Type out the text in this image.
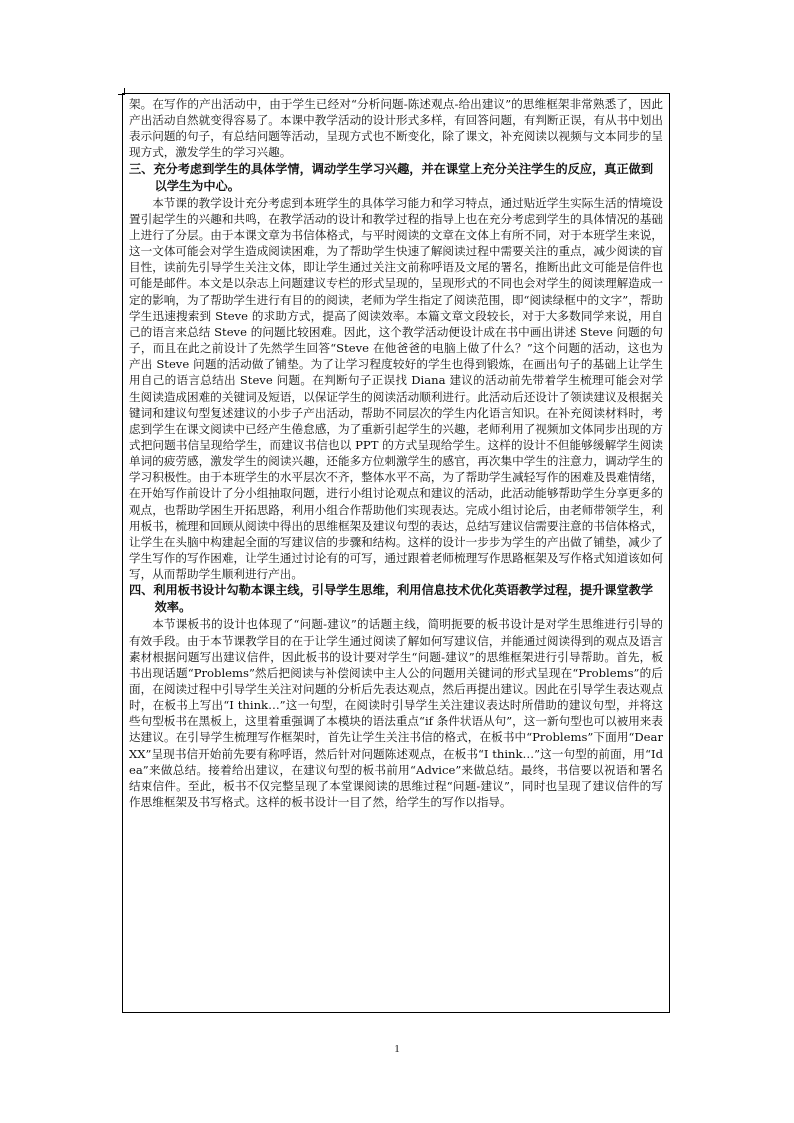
架。在写作的产出活动中，由于学生已经对“分析问题-陈述观点-给出建议”的思维框架非常熟悉了，因此产出活动自然就变得容易了。本课中教学活动的设计形式多样，有回答问题，有判断正误，有从书中划出表示问题的句子，有总结问题等活动，呈现方式也不断变化，除了课文，补充阅读以视频与文本同步的呈现方式，激发学生的学习兴趣。

三、充分考虑到学生的具体学情，调动学生学习兴趣，并在课堂上充分关注学生的反应，真正做到以学生为中心。

本节课的教学设计充分考虑到本班学生的具体学习能力和学习特点，通过贴近学生实际生活的情境设置引起学生的兴趣和共鸣，在教学活动的设计和教学过程的指导上也在充分考虑到学生的具体情况的基础上进行了分层。由于本课文章为书信体格式，与平时阅读的文章在文体上有所不同，对于本班学生来说，这一文体可能会对学生造成阅读困难，为了帮助学生快速了解阅读过程中需要关注的重点，减少阅读的盲目性，读前先引导学生关注文体，即让学生通过关注文前称呼语及文尾的署名，推断出此文可能是信件也可能是邮件。本文是以杂志上问题建议专栏的形式呈现的，呈现形式的不同也会对学生的阅读理解造成一定的影响，为了帮助学生进行有目的的阅读，老师为学生指定了阅读范围，即“阅读绿框中的文字”，帮助学生迅速搜索到 Steve 的求助方式，提高了阅读效率。本篇文章文段较长，对于大多数同学来说，用自己的语言来总结 Steve 的问题比较困难。因此，这个教学活动便设计成在书中画出讲述 Steve 问题的句子，而且在此之前设计了先然学生回答“Steve 在他爸爸的电脑上做了什么？”这个问题的活动，这也为产出 Steve 问题的活动做了铺垫。为了让学习程度较好的学生也得到锻炼，在画出句子的基础上让学生用自己的语言总结出 Steve 问题。在判断句子正误找 Diana 建议的活动前先带着学生梳理可能会对学生阅读造成困难的关键词及短语，以保证学生的阅读活动顺利进行。此活动后还设计了领读建议及根据关键词和建议句型复述建议的小步子产出活动，帮助不同层次的学生内化语言知识。在补充阅读材料时，考虑到学生在课文阅读中已经产生倦怠感，为了重新引起学生的兴趣，老师利用了视频加文体同步出现的方式把问题书信呈现给学生，而建议书信也以 PPT 的方式呈现给学生。这样的设计不但能够缓解学生阅读单词的疲劳感，激发学生的阅读兴趣，还能多方位刺激学生的感官，再次集中学生的注意力，调动学生的学习积极性。由于本班学生的水平层次不齐，整体水平不高，为了帮助学生减轻写作的困难及畏难情绪，在开始写作前设计了分小组抽取问题，进行小组讨论观点和建议的活动，此活动能够帮助学生分享更多的观点，也帮助学困生开拓思路，利用小组合作帮助他们实现表达。完成小组讨论后，由老师带领学生，利用板书，梳理和回顾从阅读中得出的思维框架及建议句型的表达，总结写建议信需要注意的书信体格式，让学生在头脑中构建起全面的写建议信的步骤和结构。这样的设计一步步为学生的产出做了铺垫，减少了学生写作的写作困难，让学生通过讨论有的可写，通过跟着老师梳理写作思路框架及写作格式知道该如何写，从而帮助学生顺利进行产出。

四、利用板书设计勾勒本课主线，引导学生思维，利用信息技术优化英语教学过程，提升课堂教学效率。

本节课板书的设计也体现了“问题-建议”的话题主线，简明扼要的板书设计是对学生思维进行引导的有效手段。由于本节课教学目的在于让学生通过阅读了解如何写建议信，并能通过阅读得到的观点及语言素材根据问题写出建议信件，因此板书的设计要对学生“问题-建议”的思维框架进行引导帮助。首先，板书出现话题“Problems”然后把阅读与补偿阅读中主人公的问题用关键词的形式呈现在“Problems”的后面，在阅读过程中引导学生关注对问题的分析后先表达观点，然后再提出建议。因此在引导学生表达观点时，在板书上写出“I think…”这一句型，在阅读时引导学生关注建议表达时所借助的建议句型，并将这些句型板书在黑板上，这里着重强调了本模块的语法重点“if 条件状语从句”，这一新句型也可以被用来表达建议。在引导学生梳理写作框架时，首先让学生关注书信的格式，在板书中“Problems”下面用“DearXX”呈现书信开始前先要有称呼语，然后针对问题陈述观点，在板书“I think…”这一句型的前面，用“Idea”来做总结。接着给出建议，在建议句型的板书前用“Advice”来做总结。最终，书信要以祝语和署名结束信件。至此，板书不仅完整呈现了本堂课阅读的思维过程“问题-建议”，同时也呈现了建议信件的写作思维框架及书写格式。这样的板书设计一目了然，给学生的写作以指导。

1
